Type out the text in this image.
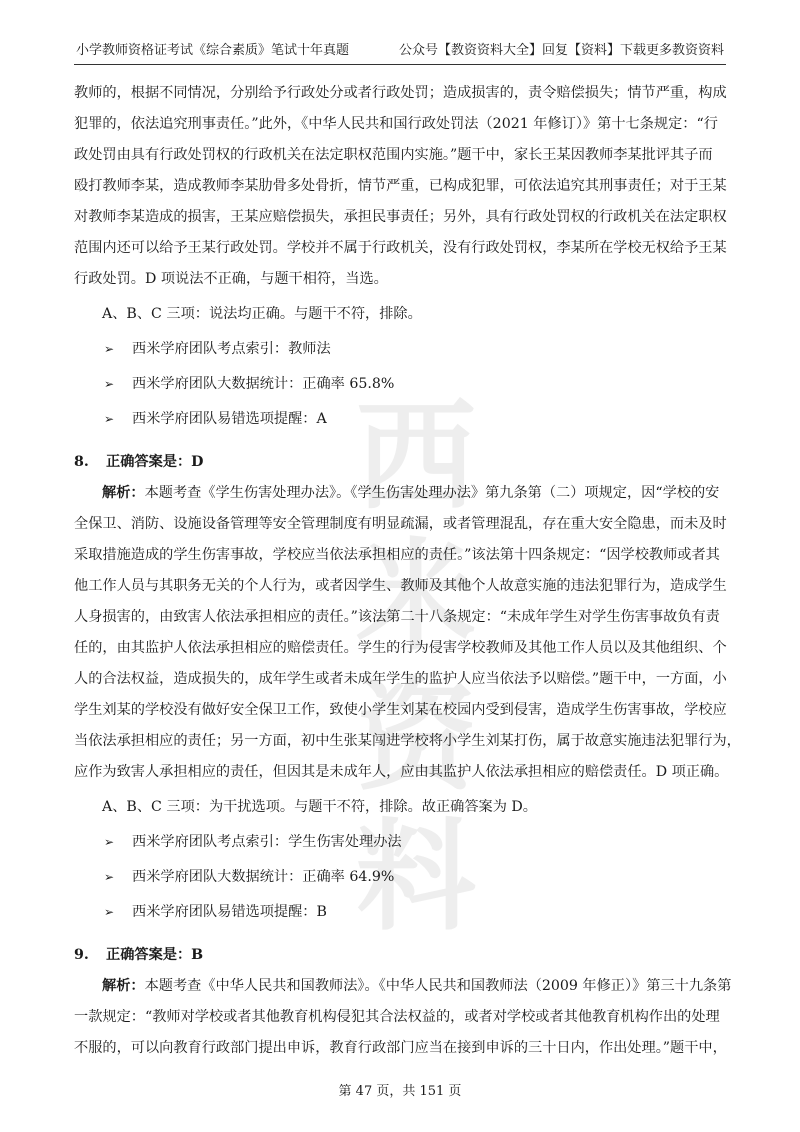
小学教师资格证考试《综合素质》笔试十年真题	公众号【教资资料大全】回复【资料】下载更多教资资料
西米
资料
教师的，根据不同情况，分别给予行政处分或者行政处罚；造成损害的，责令赔偿损失；情节严重，构成
犯罪的，依法追究刑事责任。”此外，《中华人民共和国行政处罚法（2021 年修订）》第十七条规定：“行
政处罚由具有行政处罚权的行政机关在法定职权范围内实施。”题干中，家长王某因教师李某批评其子而
殴打教师李某，造成教师李某肋骨多处骨折，情节严重，已构成犯罪，可依法追究其刑事责任；对于王某
对教师李某造成的损害，王某应赔偿损失，承担民事责任；另外，具有行政处罚权的行政机关在法定职权
范围内还可以给予王某行政处罚。学校并不属于行政机关，没有行政处罚权，李某所在学校无权给予王某
行政处罚。D 项说法不正确，与题干相符，当选。
A、B、C 三项：说法均正确。与题干不符，排除。
➢ 西米学府团队考点索引：教师法
➢ 西米学府团队大数据统计：正确率 65.8%
➢ 西米学府团队易错选项提醒：A
8. 正确答案是：D
解析：本题考查《学生伤害处理办法》。《学生伤害处理办法》第九条第（二）项规定，因“学校的安
全保卫、消防、设施设备管理等安全管理制度有明显疏漏，或者管理混乱，存在重大安全隐患，而未及时
采取措施造成的学生伤害事故，学校应当依法承担相应的责任。”该法第十四条规定：“因学校教师或者其
他工作人员与其职务无关的个人行为，或者因学生、教师及其他个人故意实施的违法犯罪行为，造成学生
人身损害的，由致害人依法承担相应的责任。”该法第二十八条规定：“未成年学生对学生伤害事故负有责
任的，由其监护人依法承担相应的赔偿责任。学生的行为侵害学校教师及其他工作人员以及其他组织、个
人的合法权益，造成损失的，成年学生或者未成年学生的监护人应当依法予以赔偿。”题干中，一方面，小
学生刘某的学校没有做好安全保卫工作，致使小学生刘某在校园内受到侵害，造成学生伤害事故，学校应
当依法承担相应的责任；另一方面，初中生张某闯进学校将小学生刘某打伤，属于故意实施违法犯罪行为，
应作为致害人承担相应的责任，但因其是未成年人，应由其监护人依法承担相应的赔偿责任。D 项正确。
A、B、C 三项：为干扰选项。与题干不符，排除。故正确答案为 D。
➢ 西米学府团队考点索引：学生伤害处理办法
➢ 西米学府团队大数据统计：正确率 64.9%
➢ 西米学府团队易错选项提醒：B
9. 正确答案是：B
解析：本题考查《中华人民共和国教师法》。《中华人民共和国教师法（2009 年修正）》第三十九条第
一款规定：“教师对学校或者其他教育机构侵犯其合法权益的，或者对学校或者其他教育机构作出的处理
不服的，可以向教育行政部门提出申诉，教育行政部门应当在接到申诉的三十日内，作出处理。”题干中，
第 47 页，共 151 页
